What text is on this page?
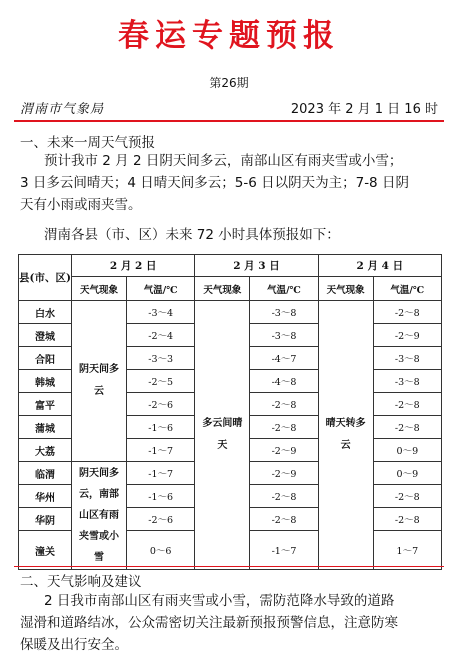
春运专题预报
第26期
渭南市气象局	2023 年 2 月 1 日 16 时
一、未来一周天气预报
预计我市 2 月 2 日阴天间多云，南部山区有雨夹雪或小雪；
3 日多云间晴天；4 日晴天间多云；5-6 日以阴天为主；7-8 日阴
天有小雨或雨夹雪。
渭南各县（市、区）未来 72 小时具体预报如下：
县(市、区)	2 月 2 日		2 月 3 日		2 月 4 日	
	天气现象	气温/℃	天气现象	气温/℃	天气现象	气温/℃
白水	阴天间多云	-3～4	多云间晴天	-3～8	晴天转多云	-2～8
澄城		-2～4		-3～8		-2～9
合阳		-3～3		-4～7		-3～8
韩城		-2～5		-4～8		-3～8
富平		-2～6		-2～8		-2～8
蒲城		-1～6		-2～8		-2～8
大荔		-1～7		-2～9		0～9
临渭	阴天间多云，南部山区有雨夹雪或小雪	-1～7		-2～9		0～9
华州		-1～6		-2～8		-2～8
华阴		-2～6		-2～8		-2～8
潼关		0～6		-1～7		1～7
二、天气影响及建议
2 日我市南部山区有雨夹雪或小雪，需防范降水导致的道路
湿滑和道路结冰，公众需密切关注最新预报预警信息，注意防寒
保暖及出行安全。
